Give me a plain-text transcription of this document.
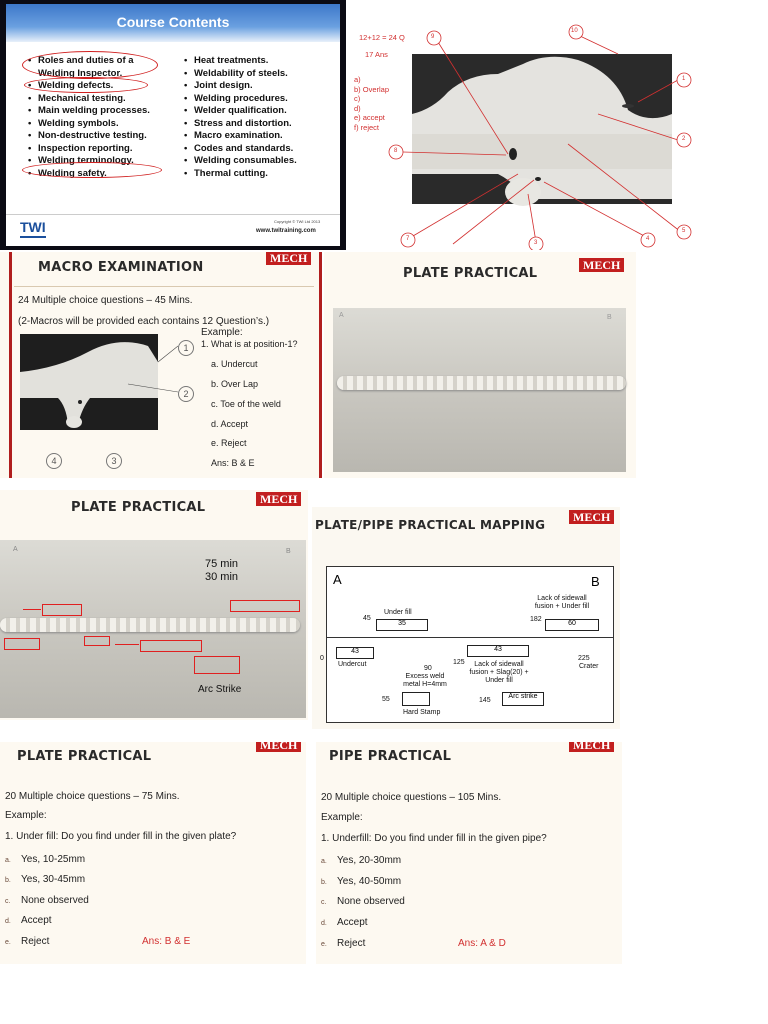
Course Contents
• Roles and duties of a Welding Inspector.
• Welding defects.
• Mechanical testing.
• Main welding processes.
• Welding symbols.
• Non-destructive testing.
• Inspection reporting.
• Welding terminology.
• Welding safety.
• Heat treatments.
• Weldability of steels.
• Joint design.
• Welding procedures.
• Welder qualification.
• Stress and distortion.
• Macro examination.
• Codes and standards.
• Welding consumables.
• Thermal cutting.
TWI	Copyright © TWI Ltd 2013
www.twitraining.com
12+12 = 24 Q
17 Ans
a)
b) Overlap
c)
d)
e) accept
f) reject
9
10
1
2
8
7
3
4
5
MACRO EXAMINATION
MECH
24 Multiple choice questions – 45 Mins.
(2-Macros will be provided each contains 12 Question’s.)
Example:
1. What is at position-1?
1
2
4	3
a. Undercut
b. Over Lap
c. Toe of the weld
d. Accept
e. Reject
Ans: B & E
PLATE PRACTICAL
MECH
A	B
PLATE PRACTICAL
MECH
A	B
75 min
30 min
Arc Strike
PLATE/PIPE PRACTICAL MAPPING
MECH
A	B
Under fill
45
35
Lack of sidewall fusion + Under fill
182
60
0
43
Undercut
90
Excess weld metal H=4mm
125
43
Lack of sidewall fusion + Slag(20) + Under fill
225
Crater
55
Hard Stamp
145
Arc strike
PLATE PRACTICAL
MECH
20 Multiple choice questions – 75 Mins.
Example:
1. Under fill: Do you find under fill in the given plate?
a. Yes, 10-25mm
b. Yes, 30-45mm
c. None observed
d. Accept
e. Reject	Ans: B & E
PIPE PRACTICAL
MECH
20 Multiple choice questions – 105 Mins.
Example:
1. Underfill: Do you find under fill in the given pipe?
a. Yes, 20-30mm
b. Yes, 40-50mm
c. None observed
d. Accept
e. Reject	Ans: A & D
